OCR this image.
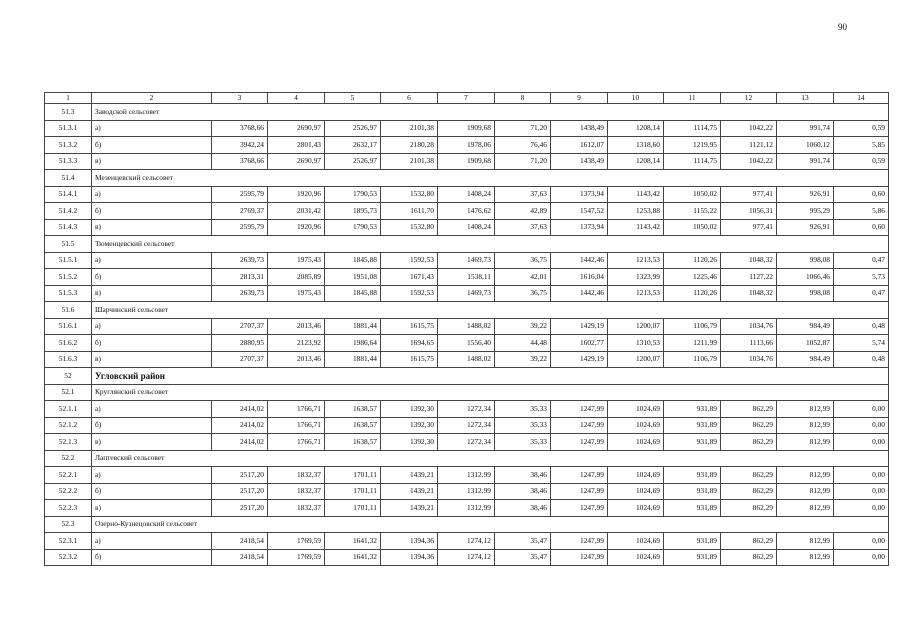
90
1	2	3	4	5	6	7	8	9	10	11	12	13	14
51.3	Заводской сельсовет												
51.3.1	а)	3768,66	2690,97	2526,97	2101,38	1909,68	71,20	1438,49	1208,14	1114,75	1042,22	991,74	0,59
51.3.2	б)	3942,24	2801,43	2632,17	2180,28	1978,06	76,46	1612,07	1318,60	1219,95	1121,12	1060,12	5,85
51.3.3	в)	3768,66	2690,97	2526,97	2101,38	1909,68	71,20	1438,49	1208,14	1114,75	1042,22	991,74	0,59
51.4	Мезенцевский сельсовет												
51.4.1	а)	2595,79	1920,96	1790,53	1532,80	1408,24	37,63	1373,94	1143,42	1050,02	977,41	926,91	0,60
51.4.2	б)	2769,37	2031,42	1895,73	1611,70	1476,62	42,89	1547,52	1253,88	1155,22	1056,31	995,29	5,86
51.4.3	в)	2595,79	1920,96	1790,53	1532,80	1408,24	37,63	1373,94	1143,42	1050,02	977,41	926,91	0,60
51.5	Тюменцевский сельсовет												
51.5.1	а)	2639,73	1975,43	1845,88	1592,53	1469,73	36,75	1442,46	1213,53	1120,26	1048,32	998,08	0,47
51.5.2	б)	2813,31	2085,89	1951,08	1671,43	1538,11	42,01	1616,04	1323,99	1225,46	1127,22	1066,46	5,73
51.5.3	в)	2639,73	1975,43	1845,88	1592,53	1469,73	36,75	1442,46	1213,53	1120,26	1048,32	998,08	0,47
51.6	Шарчинский сельсовет												
51.6.1	а)	2707,37	2013,46	1881,44	1615,75	1488,02	39,22	1429,19	1200,07	1106,79	1034,76	984,49	0,48
51.6.2	б)	2880,95	2123,92	1986,64	1694,65	1556,40	44,48	1602,77	1310,53	1211,99	1113,66	1052,87	5,74
51.6.3	в)	2707,37	2013,46	1881,44	1615,75	1488,02	39,22	1429,19	1200,07	1106,79	1034,76	984,49	0,48
52	Угловский район												
52.1	Круглянский сельсовет												
52.1.1	а)	2414,02	1766,71	1638,57	1392,30	1272,34	35,33	1247,99	1024,69	931,89	862,29	812,99	0,00
52.1.2	б)	2414,02	1766,71	1638,57	1392,30	1272,34	35,33	1247,99	1024,69	931,89	862,29	812,99	0,00
52.1.3	в)	2414,02	1766,71	1638,57	1392,30	1272,34	35,33	1247,99	1024,69	931,89	862,29	812,99	0,00
52.2	Лаптевский сельсовет												
52.2.1	а)	2517,20	1832,37	1701,11	1439,21	1312,99	38,46	1247,99	1024,69	931,89	862,29	812,99	0,00
52.2.2	б)	2517,20	1832,37	1701,11	1439,21	1312,99	38,46	1247,99	1024,69	931,89	862,29	812,99	0,00
52.2.3	в)	2517,20	1832,37	1701,11	1439,21	1312,99	38,46	1247,99	1024,69	931,89	862,29	812,99	0,00
52.3	Озерно-Кузнецовский сельсовет												
52.3.1	а)	2418,54	1769,59	1641,32	1394,36	1274,12	35,47	1247,99	1024,69	931,89	862,29	812,99	0,00
52.3.2	б)	2418,54	1769,59	1641,32	1394,36	1274,12	35,47	1247,99	1024,69	931,89	862,29	812,99	0,00
